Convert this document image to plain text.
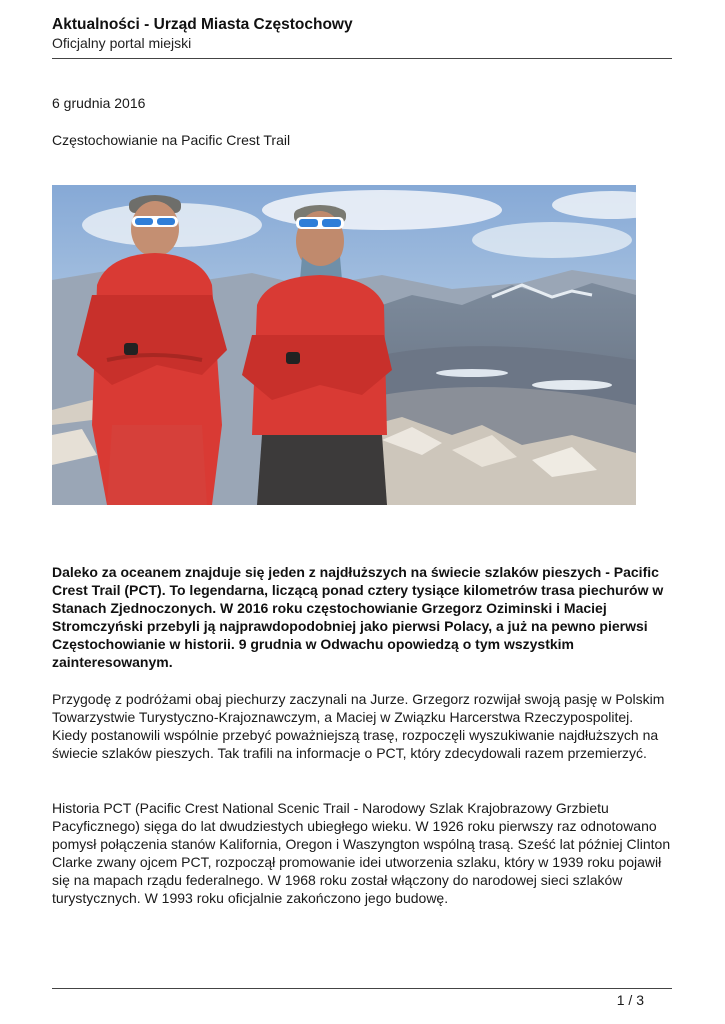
Aktualności - Urząd Miasta Częstochowy
Oficjalny portal miejski
6 grudnia 2016
Częstochowianie na Pacific Crest Trail
Daleko za oceanem znajduje się jeden z najdłuższych na świecie szlaków pieszych - Pacific Crest Trail (PCT). To legendarna, liczącą ponad cztery tysiące kilometrów trasa piechurów w Stanach Zjednoczonych. W 2016 roku częstochowianie Grzegorz Oziminski i Maciej Stromczyński przebyli ją najprawdopodobniej jako pierwsi Polacy, a już na pewno pierwsi Częstochowianie w historii. 9 grudnia w Odwachu opowiedzą o tym wszystkim zainteresowanym.
Przygodę z podróżami obaj piechurzy zaczynali na Jurze. Grzegorz rozwijał swoją pasję w Polskim Towarzystwie Turystyczno-Krajoznawczym, a Maciej w Związku Harcerstwa Rzeczypospolitej. Kiedy postanowili wspólnie przebyć poważniejszą trasę, rozpoczęli wyszukiwanie najdłuższych na świecie szlaków pieszych. Tak trafili na informacje o PCT, który zdecydowali razem przemierzyć.
Historia PCT (Pacific Crest National Scenic Trail - Narodowy Szlak Krajobrazowy Grzbietu Pacyficznego) sięga do lat dwudziestych ubiegłego wieku. W 1926 roku pierwszy raz odnotowano pomysł połączenia stanów Kalifornia, Oregon i Waszyngton wspólną trasą. Sześć lat później Clinton Clarke zwany ojcem PCT, rozpoczął promowanie idei utworzenia szlaku, który w 1939 roku pojawił się na mapach rządu federalnego. W 1968 roku został włączony do narodowej sieci szlaków turystycznych. W 1993 roku oficjalnie zakończono jego budowę.
1 / 3
